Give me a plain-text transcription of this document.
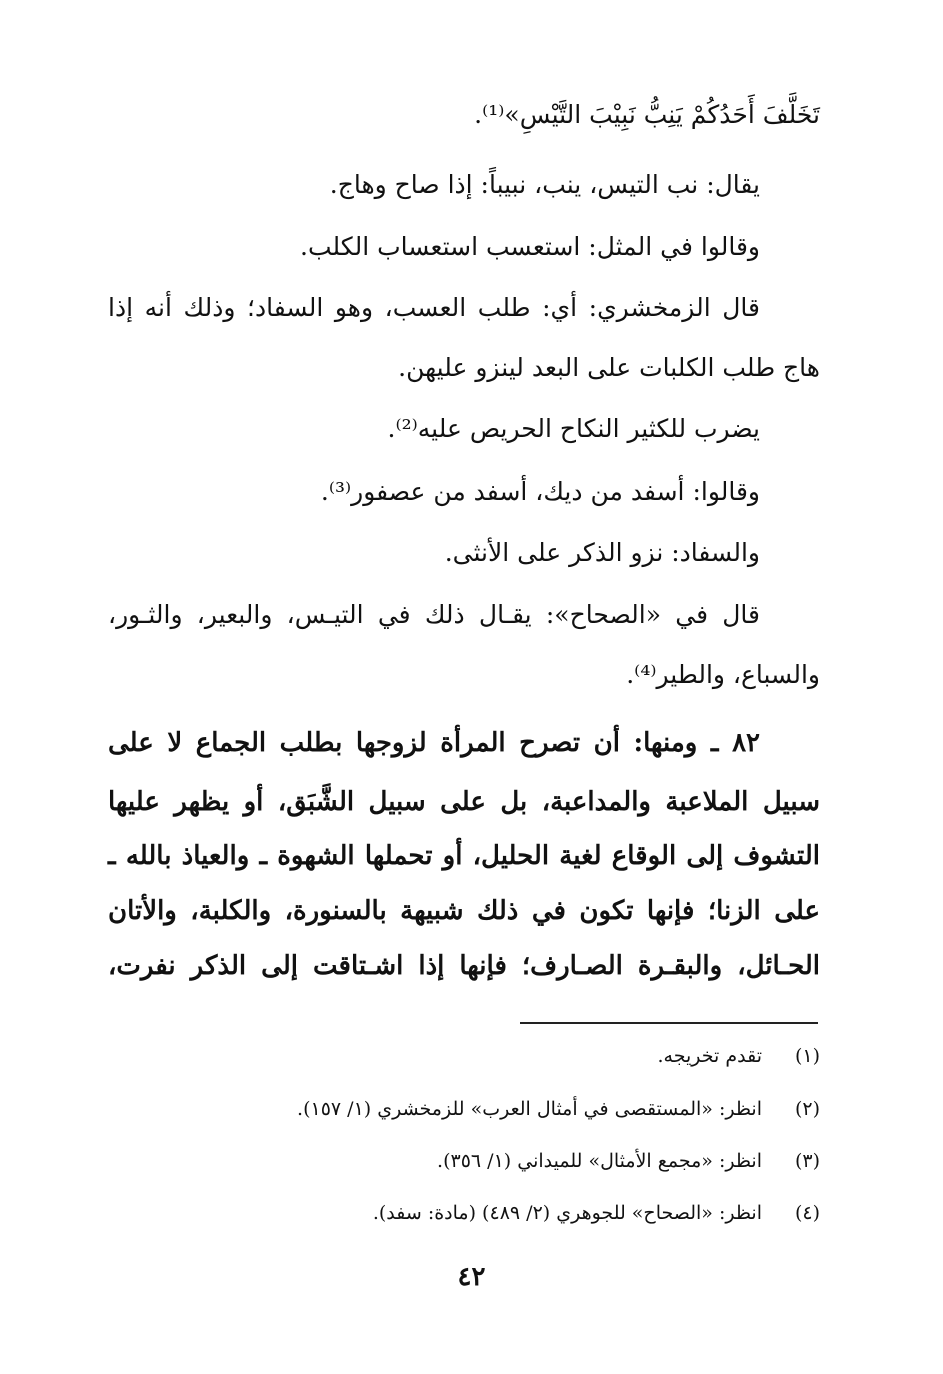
تَخَلَّفَ أَحَدُكُمْ يَنِبُّ نَبِيْبَ التَّيْسِ»⁽¹⁾.
يقال: نب التيس، ينب، نبيباً: إذا صاح وهاج.
وقالوا في المثل: استعسب استعساب الكلب.
قال الزمخشري: أي: طلب العسب، وهو السفاد؛ وذلك أنه إذا
هاج طلب الكلبات على البعد لينزو عليهن.
يضرب للكثير النكاح الحريص عليه⁽²⁾.
وقالوا: أسفد من ديك، أسفد من عصفور⁽³⁾.
والسفاد: نزو الذكر على الأنثى.
قال في «الصحاح»: يقـال ذلك في التيـس، والبعير، والثـور،
والسباع، والطير⁽⁴⁾.
٨٢ ـ ومنها: أن تصرح المرأة لزوجها بطلب الجماع لا على
سبيل الملاعبة والمداعبة، بل على سبيل الشَّبَق، أو يظهر عليها
التشوف إلى الوقاع لغية الحليل، أو تحملها الشهوة ـ والعياذ بالله ـ
على الزنا؛ فإنها تكون في ذلك شبيهة بالسنورة، والكلبة، والأتان
الحـائل، والبقـرة الصـارف؛ فإنها إذا اشـتاقت إلى الذكر نفرت،
(١)تقدم تخريجه.
(٢)انظر: «المستقصى في أمثال العرب» للزمخشري (١/ ١٥٧).
(٣)انظر: «مجمع الأمثال» للميداني (١/ ٣٥٦).
(٤)انظر: «الصحاح» للجوهري (٢/ ٤٨٩) (مادة: سفد).
٤٢
